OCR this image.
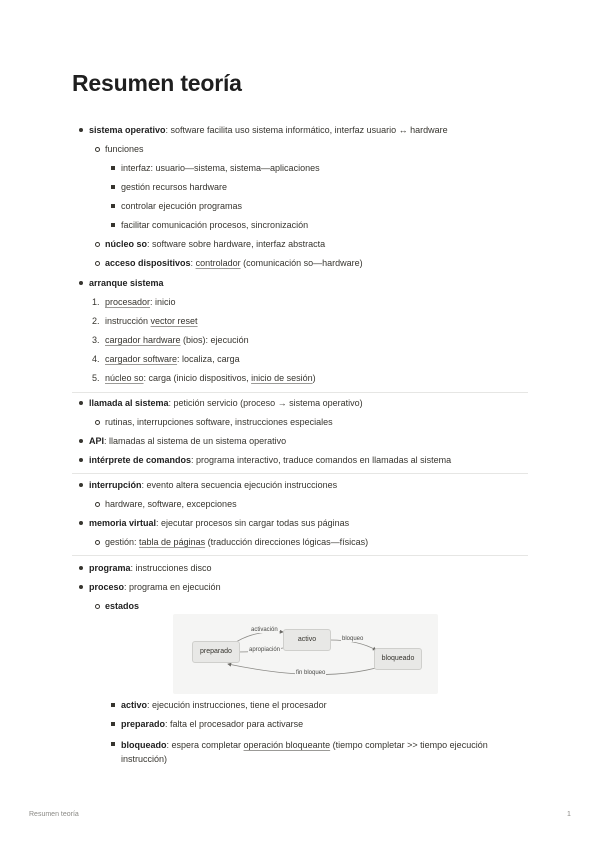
Resumen teoría
sistema operativo: software facilita uso sistema informático, interfaz usuario ↔ hardware
funciones
interfaz: usuario—sistema, sistema—aplicaciones
gestión recursos hardware
controlar ejecución programas
facilitar comunicación procesos, sincronización
núcleo so: software sobre hardware, interfaz abstracta
acceso dispositivos: controlador (comunicación so—hardware)
arranque sistema
1. procesador: inicio
2. instrucción vector reset
3. cargador hardware (bios): ejecución
4. cargador software: localiza, carga
5. núcleo so: carga (inicio dispositivos, inicio de sesión)
llamada al sistema: petición servicio (proceso → sistema operativo)
rutinas, interrupciones software, instrucciones especiales
API: llamadas al sistema de un sistema operativo
intérprete de comandos: programa interactivo, traduce comandos en llamadas al sistema
interrupción: evento altera secuencia ejecución instrucciones
hardware, software, excepciones
memoria virtual: ejecutar procesos sin cargar todas sus páginas
gestión: tabla de páginas (traducción direcciones lógicas—físicas)
programa: instrucciones disco
proceso: programa en ejecución
estados
preparado
activo
bloqueado
activación
apropiación
bloqueo
fin bloqueo
activo: ejecución instrucciones, tiene el procesador
preparado: falta el procesador para activarse
bloqueado: espera completar operación bloqueante (tiempo completar >> tiempo ejecución instrucción)
Resumen teoría	1
